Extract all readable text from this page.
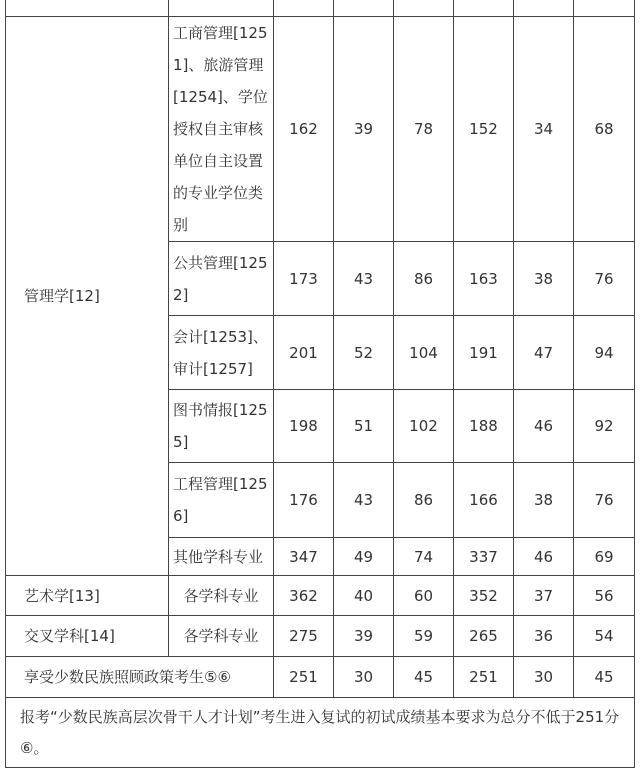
管理学[12]	工商管理[1251]、旅游管理[1254]、学位授权自主审核单位自主设置的专业学位类别	162	39	78	152	34	68
	公共管理[1252]	173	43	86	163	38	76
	会计[1253]、审计[1257]	201	52	104	191	47	94
	图书情报[1255]	198	51	102	188	46	92
	工程管理[1256]	176	43	86	166	38	76
	其他学科专业	347	49	74	337	46	69
艺术学[13]	各学科专业	362	40	60	352	37	56
交叉学科[14]	各学科专业	275	39	59	265	36	54
享受少数民族照顾政策考生⑤⑥		251	30	45	251	30	45
报考“少数民族高层次骨干人才计划”考生进入复试的初试成绩基本要求为总分不低于251分⑥。							
